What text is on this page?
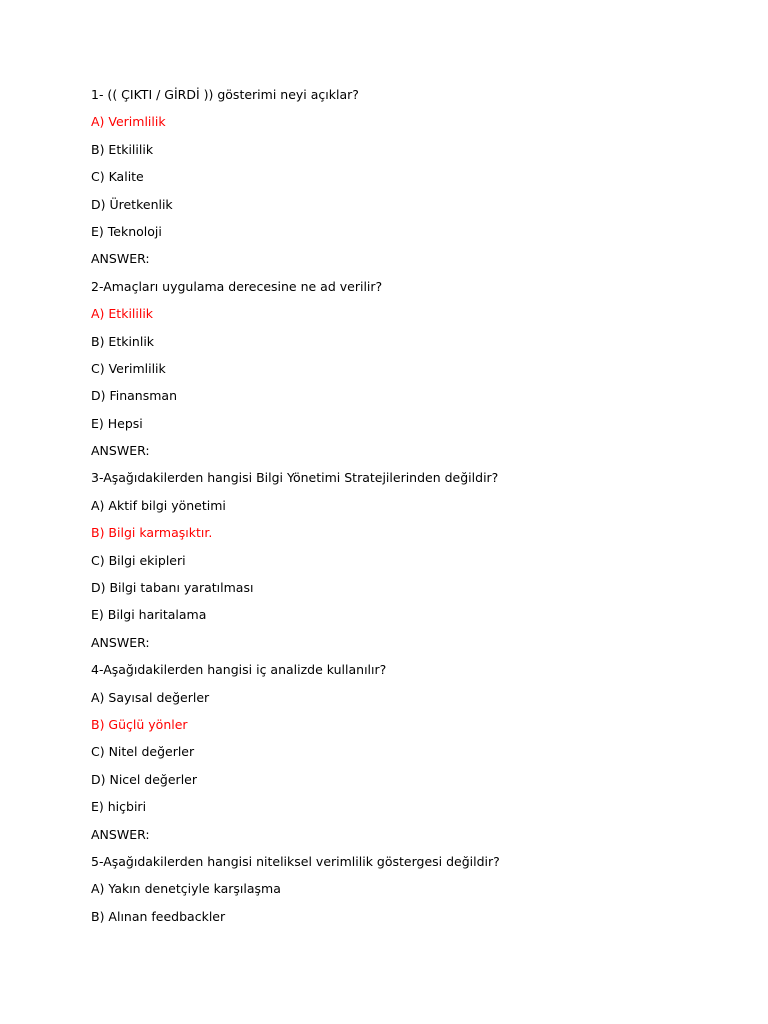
1- (( ÇIKTI / GİRDİ )) gösterimi neyi açıklar?
A) Verimlilik
B) Etkililik
C) Kalite
D) Üretkenlik
E) Teknoloji
ANSWER:
2-Amaçları uygulama derecesine ne ad verilir?
A) Etkililik
B) Etkinlik
C) Verimlilik
D) Finansman
E) Hepsi
ANSWER:
3-Aşağıdakilerden hangisi Bilgi Yönetimi Stratejilerinden değildir?
A) Aktif bilgi yönetimi
B) Bilgi karmaşıktır.
C) Bilgi ekipleri
D) Bilgi tabanı yaratılması
E) Bilgi haritalama
ANSWER:
4-Aşağıdakilerden hangisi iç analizde kullanılır?
A) Sayısal değerler
B) Güçlü yönler
C) Nitel değerler
D) Nicel değerler
E) hiçbiri
ANSWER:
5-Aşağıdakilerden hangisi niteliksel verimlilik göstergesi değildir?
A) Yakın denetçiyle karşılaşma
B) Alınan feedbackler
